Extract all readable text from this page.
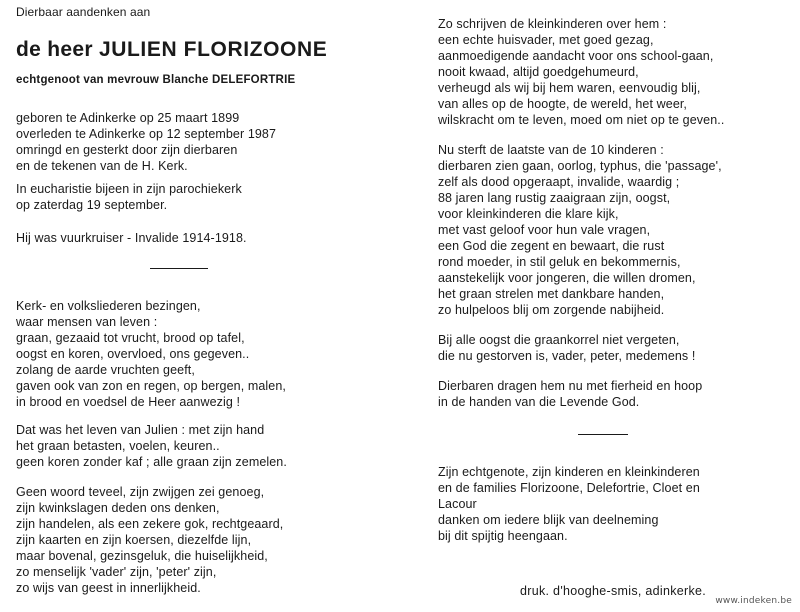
Dierbaar aandenken aan
de heer JULIEN FLORIZOONE
echtgenoot van mevrouw Blanche DELEFORTRIE
geboren te Adinkerke op 25 maart 1899
overleden te Adinkerke op 12 september 1987
omringd en gesterkt door zijn dierbaren
en de tekenen van de H. Kerk.
In eucharistie bijeen in zijn parochiekerk
op zaterdag 19 september.
Hij was vuurkruiser - Invalide 1914-1918.
Kerk- en volksliederen bezingen,
waar mensen van leven :
graan, gezaaid tot vrucht, brood op tafel,
oogst en koren, overvloed, ons gegeven..
zolang de aarde vruchten geeft,
gaven ook van zon en regen, op bergen, malen,
in brood en voedsel de Heer aanwezig !
Dat was het leven van Julien : met zijn hand
het graan betasten, voelen, keuren..
geen koren zonder kaf ; alle graan zijn zemelen.
Geen woord teveel, zijn zwijgen zei genoeg,
zijn kwinkslagen deden ons denken,
zijn handelen, als een zekere gok, rechtgeaard,
zijn kaarten en zijn koersen, diezelfde lijn,
maar bovenal, gezinsgeluk, die huiselijkheid,
zo menselijk 'vader' zijn, 'peter' zijn,
zo wijs van geest in innerlijkheid.
Zo schrijven de kleinkinderen over hem :
een echte huisvader, met goed gezag,
aanmoedigende aandacht voor ons school-gaan,
nooit kwaad, altijd goedgehumeurd,
verheugd als wij bij hem waren, eenvoudig blij,
van alles op de hoogte, de wereld, het weer,
wilskracht om te leven, moed om niet op te geven..
Nu sterft de laatste van de 10 kinderen :
dierbaren zien gaan, oorlog, typhus, die 'passage',
zelf als dood opgeraapt, invalide, waardig ;
88 jaren lang rustig zaaigraan zijn, oogst,
voor kleinkinderen die klare kijk,
met vast geloof voor hun vale vragen,
een God die zegent en bewaart, die rust
rond moeder, in stil geluk en bekommernis,
aanstekelijk voor jongeren, die willen dromen,
het graan strelen met dankbare handen,
zo hulpeloos blij om zorgende nabijheid.
Bij alle oogst die graankorrel niet vergeten,
die nu gestorven is, vader, peter, medemens !
Dierbaren dragen hem nu met fierheid en hoop
in de handen van die Levende God.
Zijn echtgenote, zijn kinderen en kleinkinderen
en de families Florizoone, Delefortrie, Cloet en
Lacour
danken om iedere blijk van deelneming
bij dit spijtig heengaan.
druk. d'hooghe-smis, adinkerke.
www.indeken.be
